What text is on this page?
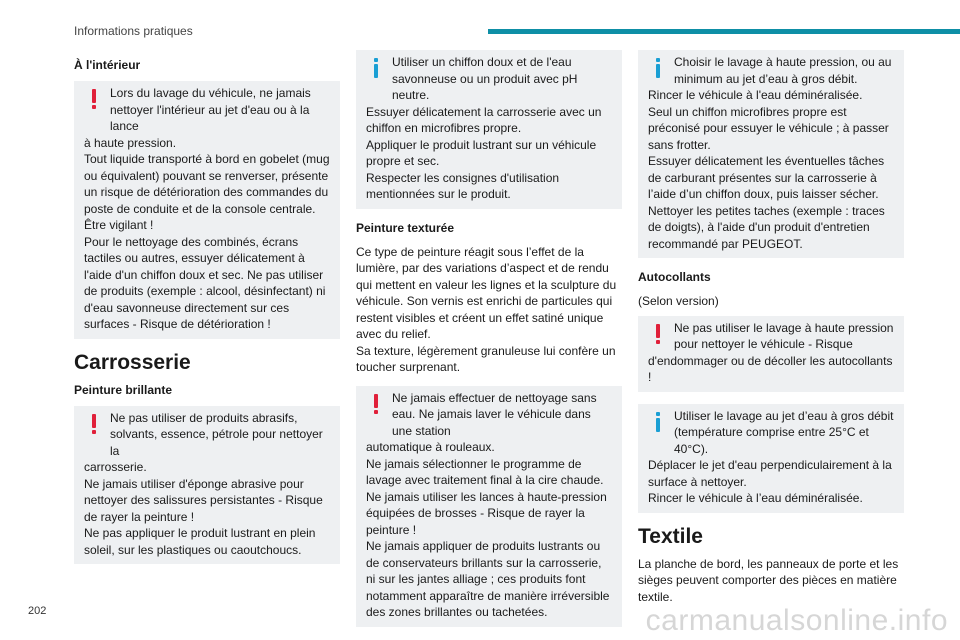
Informations pratiques
À l'intérieur

Lors du lavage du véhicule, ne jamais nettoyer l'intérieur au jet d'eau ou à la lance

à haute pression.

Tout liquide transporté à bord en gobelet (mug ou équivalent) pouvant se renverser, présente un risque de détérioration des commandes du poste de conduite et de la console centrale. Être vigilant !

Pour le nettoyage des combinés, écrans tactiles ou autres, essuyer délicatement à l'aide d'un chiffon doux et sec. Ne pas utiliser de produits (exemple : alcool, désinfectant) ni d'eau savonneuse directement sur ces surfaces - Risque de détérioration !

Carrosserie
Peinture brillante

Ne pas utiliser de produits abrasifs, solvants, essence, pétrole pour nettoyer la

carrosserie.

Ne jamais utiliser d'éponge abrasive pour nettoyer des salissures persistantes - Risque de rayer la peinture !

Ne pas appliquer le produit lustrant en plein soleil, sur les plastiques ou caoutchoucs.

Utiliser un chiffon doux et de l'eau savonneuse ou un produit avec pH neutre.

Essuyer délicatement la carrosserie avec un chiffon en microfibres propre.

Appliquer le produit lustrant sur un véhicule propre et sec.

Respecter les consignes d'utilisation mentionnées sur le produit.

Peinture texturée

Ce type de peinture réagit sous l’effet de la lumière, par des variations d’aspect et de rendu qui mettent en valeur les lignes et la sculpture du véhicule. Son vernis est enrichi de particules qui restent visibles et créent un effet satiné unique avec du relief.

Sa texture, légèrement granuleuse lui confère un toucher surprenant.

Ne jamais effectuer de nettoyage sans eau. Ne jamais laver le véhicule dans une station

automatique à rouleaux.

Ne jamais sélectionner le programme de lavage avec traitement final à la cire chaude.

Ne jamais utiliser les lances à haute-pression équipées de brosses - Risque de rayer la peinture !

Ne jamais appliquer de produits lustrants ou de conservateurs brillants sur la carrosserie, ni sur les jantes alliage ; ces produits font notamment apparaître de manière irréversible des zones brillantes ou tachetées.

Choisir le lavage à haute pression, ou au minimum au jet d’eau à gros débit.

Rincer le véhicule à l'eau déminéralisée.

Seul un chiffon microfibres propre est préconisé pour essuyer le véhicule ; à passer sans frotter.

Essuyer délicatement les éventuelles tâches de carburant présentes sur la carrosserie à l’aide d’un chiffon doux, puis laisser sécher.

Nettoyer les petites taches (exemple : traces de doigts), à l'aide d'un produit d'entretien recommandé par PEUGEOT.

Autocollants

(Selon version)

Ne pas utiliser le lavage à haute pression pour nettoyer le véhicule - Risque

d'endommager ou de décoller les autocollants !

Utiliser le lavage au jet d’eau à gros débit (température comprise entre 25°C et 40°C).

Déplacer le jet d'eau perpendiculairement à la surface à nettoyer.

Rincer le véhicule à l’eau déminéralisée.

Textile

La planche de bord, les panneaux de porte et les sièges peuvent comporter des pièces en matière textile.

202	carmanualsonline.info
